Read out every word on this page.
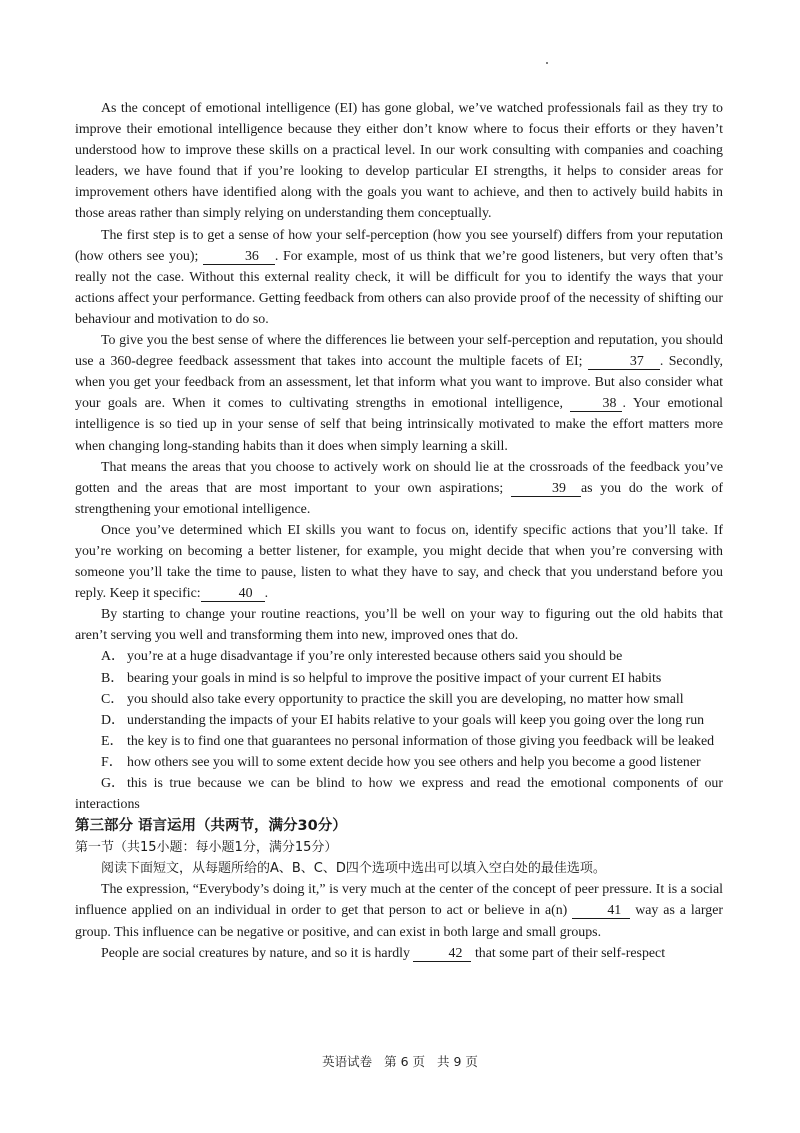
As the concept of emotional intelligence (EI) has gone global, we’ve watched professionals fail as they try to improve their emotional intelligence because they either don’t know where to focus their efforts or they haven’t understood how to improve these skills on a practical level. In our work consulting with companies and coaching leaders, we have found that if you’re looking to develop particular EI strengths, it helps to consider areas for improvement others have identified along with the goals you want to achieve, and then to actively build habits in those areas rather than simply relying on understanding them conceptually.

The first step is to get a sense of how your self-perception (how you see yourself) differs from your reputation (how others see you);	36 . For example, most of us think that we’re good listeners, but very often that’s really not the case. Without this external reality check, it will be difficult for you to identify the ways that your actions affect your performance. Getting feedback from others can also provide proof of the necessity of shifting our behaviour and motivation to do so.

To give you the best sense of where the differences lie between your self-perception and reputation, you should use a 360-degree feedback assessment that takes into account the multiple facets of EI;	37 . Secondly, when you get your feedback from an assessment, let that inform what you want to improve. But also consider what your goals are. When it comes to cultivating strengths in emotional intelligence,	38 . Your emotional intelligence is so tied up in your sense of self that being intrinsically motivated to make the effort matters more when changing long-standing habits than it does when simply learning a skill.

That means the areas that you choose to actively work on should lie at the crossroads of the feedback you’ve gotten and the areas that are most important to your own aspirations;	39 as you do the work of strengthening your emotional intelligence.

Once you’ve determined which EI skills you want to focus on, identify specific actions that you’ll take. If you’re working on becoming a better listener, for example, you might decide that when you’re conversing with someone you’ll take the time to pause, listen to what they have to say, and check that you understand before you reply. Keep it specific:	40 .

By starting to change your routine reactions, you’ll be well on your way to figuring out the old habits that aren’t serving you well and transforming them into new, improved ones that do.

A． you’re at a huge disadvantage if you’re only interested because others said you should be

B． bearing your goals in mind is so helpful to improve the positive impact of your current EI habits

C． you should also take every opportunity to practice the skill you are developing, no matter how small

D． understanding the impacts of your EI habits relative to your goals will keep you going over the long run

E． the key is to find one that guarantees no personal information of those giving you feedback will be leaked

F． how others see you will to some extent decide how you see others and help you become a good listener

G． this is true because we can be blind to how we express and read the emotional components of our interactions

第三部分 语言运用（共两节，满分30分）

第一节（共15小题：每小题1分，满分15分）

阅读下面短文，从每题所给的A、B、C、D四个选项中选出可以填入空白处的最佳选项。

The expression, “Everybody’s doing it,” is very much at the center of the concept of peer pressure. It is a social influence applied on an individual in order to get that person to act or believe in a(n)	41 way as a larger group. This influence can be negative or positive, and can exist in both large and small groups.

People are social creatures by nature, and so it is hardly	42 that some part of their self-respect

英语试卷 第 6 页 共 9 页
